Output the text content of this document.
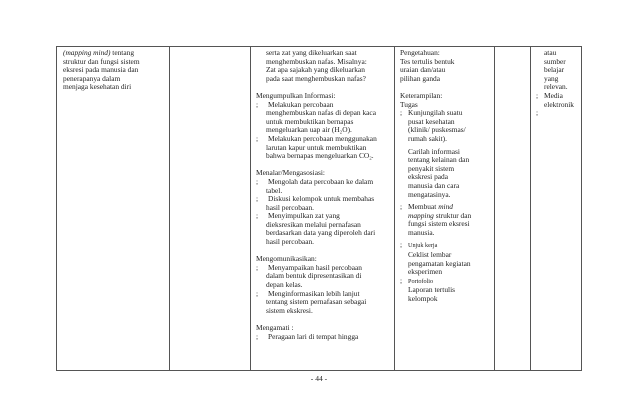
(mapping mind) tentang
struktur dan fungsi sistem
eksresi pada manusia dan
penerapanya dalam
menjaga kesehatan diri
serta zat yang dikeluarkan saat
menghembuskan nafas. Misalnya:
Zat apa sajakah yang dikeluarkan
pada saat menghembuskan nafas?
Mengumpulkan Informasi:
; Melakukan percobaan
menghembuskan nafas di depan kaca
untuk membuktikan bernapas
mengeluarkan uap air (H₂O).
; Melakukan percobaan menggunakan
larutan kapur untuk membuktikan
bahwa bernapas mengeluarkan CO₂.
Menalar/Mengasosiasi:
; Mengolah data percobaan ke dalam
tabel.
; Diskusi kelompok untuk membahas
hasil percobaan.
; Menyimpulkan zat yang
dieksresikan melalui pernafasan
berdasarkan data yang diperoleh dari
hasil percobaan.
Mengomunikasikan:
; Menyampaikan hasil percobaan
dalam bentuk dipresentasikan di
depan kelas.
; Menginformasikan lebih lanjut
tentang sistem pernafasan sebagai
sistem ekskresi.
Mengamati :
; Peragaan lari di tempat hingga
Pengetahuan:
Tes tertulis bentuk
uraian dan/atau
pilihan ganda
Keterampilan:
Tugas
; Kunjungilah suatu
pusat kesehatan
(klinik/ puskesmas/
rumah sakit).
Carilah informasi
tentang kelainan dan
penyakit sistem
ekskresi pada
manusia dan cara
mengatasinya.
; Membuat mind
mapping struktur dan
fungsi sistem eksresi
manusia.
; Unjuk kerja
Ceklist lembar
pengamatan kegiatan
eksperimen
; Portofolio
Laporan tertulis
kelompok
atau
sumber
belajar
yang
relevan.
; Media
elektronik
;
- 44 -
